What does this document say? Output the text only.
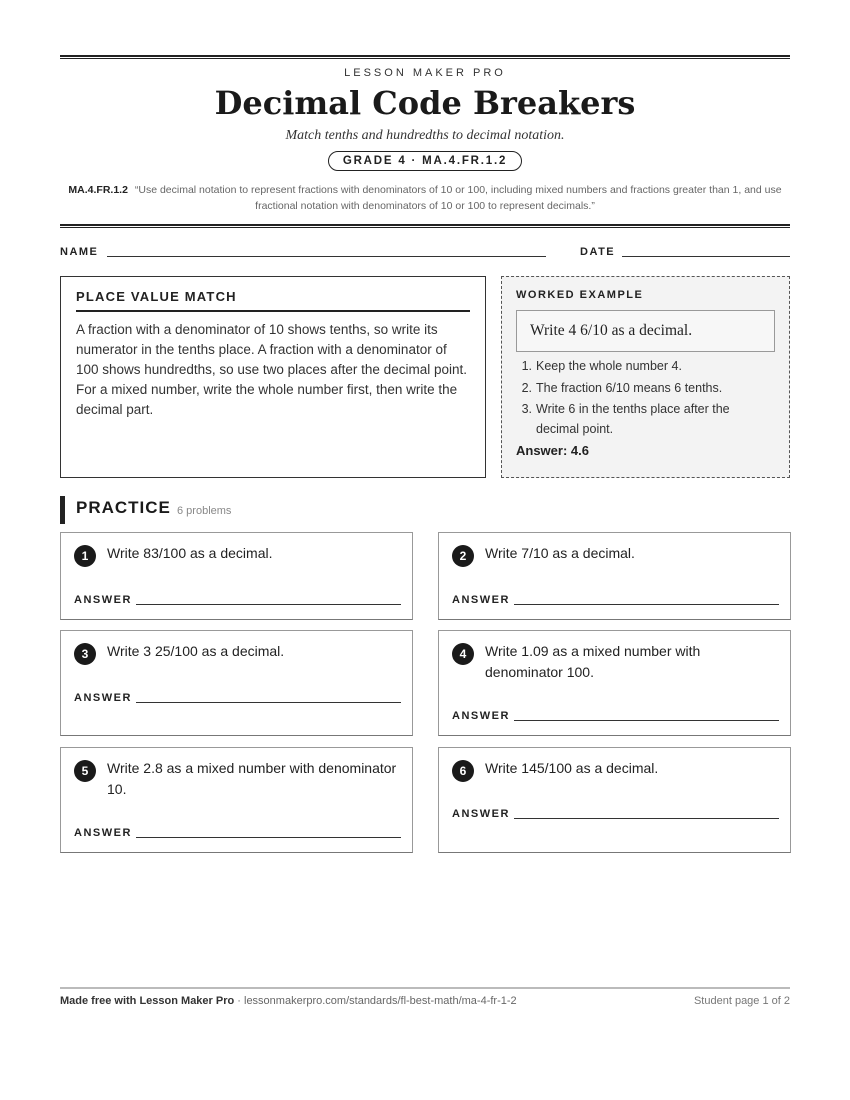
LESSON MAKER PRO
Decimal Code Breakers
Match tenths and hundredths to decimal notation.
GRADE 4 · MA.4.FR.1.2
MA.4.FR.1.2 “Use decimal notation to represent fractions with denominators of 10 or 100, including mixed numbers and fractions greater than 1, and use fractional notation with denominators of 10 or 100 to represent decimals.”
NAME	DATE
PLACE VALUE MATCH
A fraction with a denominator of 10 shows tenths, so write its numerator in the tenths place. A fraction with a denominator of 100 shows hundredths, so use two places after the decimal point. For a mixed number, write the whole number first, then write the decimal part.
WORKED EXAMPLE
Write 4 6/10 as a decimal.
1. Keep the whole number 4.
2. The fraction 6/10 means 6 tenths.
3. Write 6 in the tenths place after the decimal point.
Answer: 4.6
PRACTICE 6 problems
1	Write 83/100 as a decimal.
ANSWER
2	Write 7/10 as a decimal.
ANSWER
3	Write 3 25/100 as a decimal.
ANSWER
4	Write 1.09 as a mixed number with denominator 100.
ANSWER
5	Write 2.8 as a mixed number with denominator 10.
ANSWER
6	Write 145/100 as a decimal.
ANSWER
Made free with Lesson Maker Pro · lessonmakerpro.com/standards/fl-best-math/ma-4-fr-1-2	Student page 1 of 2
